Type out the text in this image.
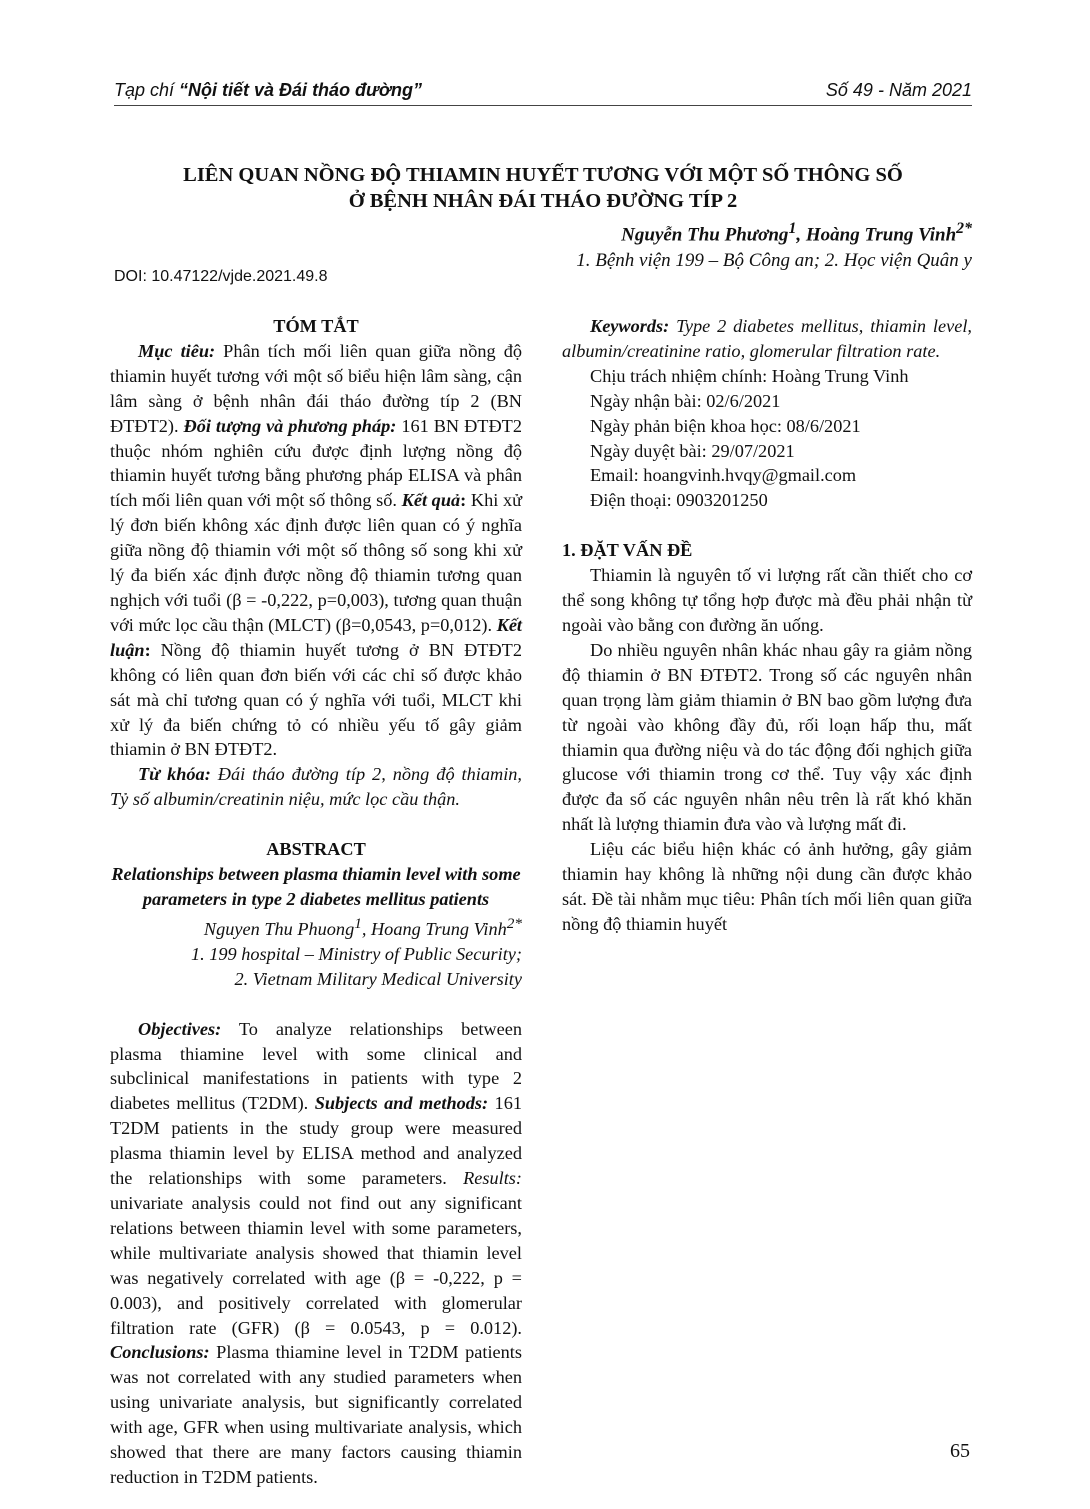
Tạp chí “Nội tiết và Đái tháo đường”	Số 49 - Năm 2021
LIÊN QUAN NỒNG ĐỘ THIAMIN HUYẾT TƯƠNG VỚI MỘT SỐ THÔNG SỐ
Ở BỆNH NHÂN ĐÁI THÁO ĐƯỜNG TÍP 2
Nguyễn Thu Phương$^1$, Hoàng Trung Vinh$^{2*}$
1. Bệnh viện 199 – Bộ Công an; 2. Học viện Quân y
DOI: 10.47122/vjde.2021.49.8
TÓM TẮT

Mục tiêu: Phân tích mối liên quan giữa nồng độ thiamin huyết tương với một số biểu hiện lâm sàng, cận lâm sàng ở bệnh nhân đái tháo đường típ 2 (BN ĐTĐT2). Đối tượng và phương pháp: 161 BN ĐTĐT2 thuộc nhóm nghiên cứu được định lượng nồng độ thiamin huyết tương bằng phương pháp ELISA và phân tích mối liên quan với một số thông số. Kết quả: Khi xử lý đơn biến không xác định được liên quan có ý nghĩa giữa nồng độ thiamin với một số thông số song khi xử lý đa biến xác định được nồng độ thiamin tương quan nghịch với tuổi (β = -0,222, p=0,003), tương quan thuận với mức lọc cầu thận (MLCT) (β=0,0543, p=0,012). Kết luận: Nồng độ thiamin huyết tương ở BN ĐTĐT2 không có liên quan đơn biến với các chỉ số được khảo sát mà chỉ tương quan có ý nghĩa với tuổi, MLCT khi xử lý đa biến chứng tỏ có nhiều yếu tố gây giảm thiamin ở BN ĐTĐT2.

Từ khóa: Đái tháo đường típ 2, nồng độ thiamin, Tỷ số albumin/creatinin niệu, mức lọc cầu thận.

ABSTRACT
Relationships between plasma thiamin level with some parameters in type 2 diabetes mellitus patients
Nguyen Thu Phuong$^1$, Hoang Trung Vinh$^{2*}$
1. 199 hospital – Ministry of Public Security;
2. Vietnam Military Medical University

Objectives: To analyze relationships between plasma thiamine level with some clinical and subclinical manifestations in patients with type 2 diabetes mellitus (T2DM). Subjects and methods: 161 T2DM patients in the study group were measured plasma thiamin level by ELISA method and analyzed the relationships with some parameters. Results: univariate analysis could not find out any significant relations between thiamin level with some parameters, while multivariate analysis showed that thiamin level was negatively correlated with age (β = -0,222, p = 0.003), and positively correlated with glomerular filtration rate (GFR) (β = 0.0543, p = 0.012). Conclusions: Plasma thiamine level in T2DM patients was not correlated with any studied parameters when using univariate analysis, but significantly correlated with age, GFR when using multivariate analysis, which showed that there are many factors causing thiamin reduction in T2DM patients.

Keywords: Type 2 diabetes mellitus, thiamin level, albumin/creatinine ratio, glomerular filtration rate.

Chịu trách nhiệm chính: Hoàng Trung Vinh
Ngày nhận bài: 02/6/2021
Ngày phản biện khoa học: 08/6/2021
Ngày duyệt bài: 29/07/2021
Email: hoangvinh.hvqy@gmail.com
Điện thoại: 0903201250
1. ĐẶT VẤN ĐỀ

Thiamin là nguyên tố vi lượng rất cần thiết cho cơ thể song không tự tổng hợp được mà đều phải nhận từ ngoài vào bằng con đường ăn uống.

Do nhiều nguyên nhân khác nhau gây ra giảm nồng độ thiamin ở BN ĐTĐT2. Trong số các nguyên nhân quan trọng làm giảm thiamin ở BN bao gồm lượng đưa từ ngoài vào không đầy đủ, rối loạn hấp thu, mất thiamin qua đường niệu và do tác động đối nghịch giữa glucose với thiamin trong cơ thể. Tuy vậy xác định được đa số các nguyên nhân nêu trên là rất khó khăn nhất là lượng thiamin đưa vào và lượng mất đi.

Liệu các biểu hiện khác có ảnh hưởng, gây giảm thiamin hay không là những nội dung cần được khảo sát. Đề tài nhằm mục tiêu: Phân tích mối liên quan giữa nồng độ thiamin huyết

65
